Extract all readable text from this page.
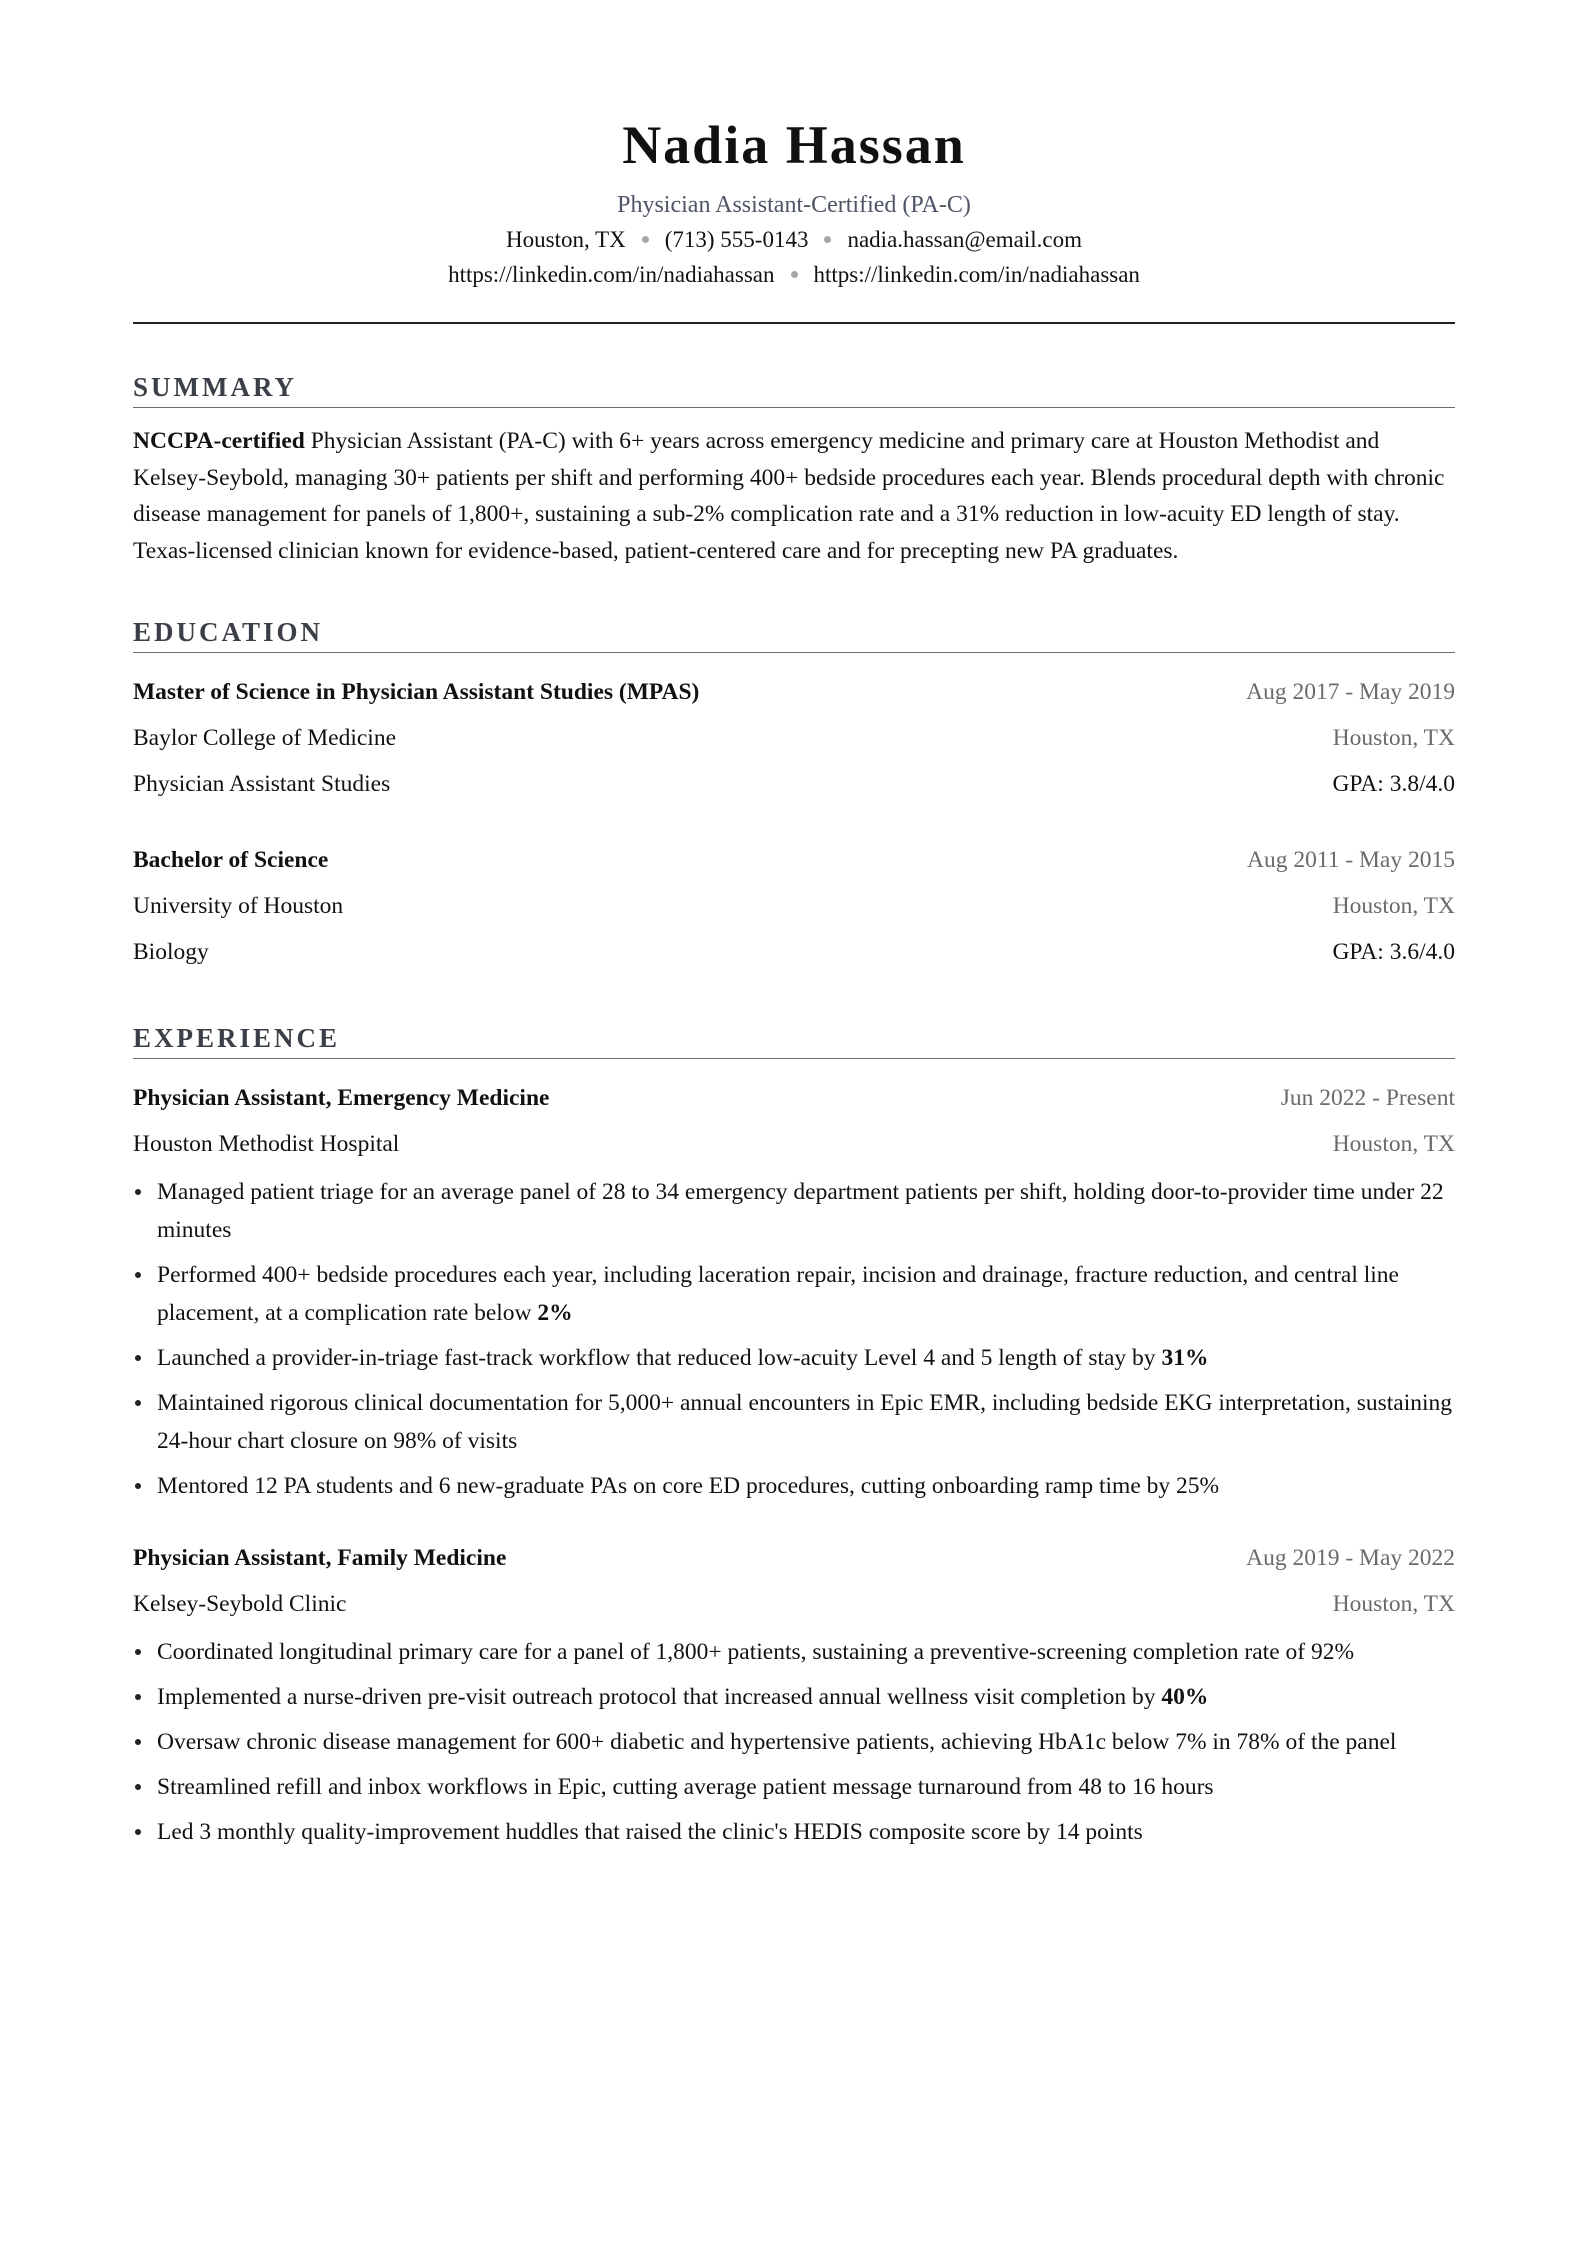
Nadia Hassan
Physician Assistant-Certified (PA-C)
Houston, TX (713) 555-0143 nadia.hassan@email.com
https://linkedin.com/in/nadiahassan https://linkedin.com/in/nadiahassan
SUMMARY
NCCPA-certified Physician Assistant (PA-C) with 6+ years across emergency medicine and primary care at Houston Methodist and Kelsey-Seybold, managing 30+ patients per shift and performing 400+ bedside procedures each year. Blends procedural depth with chronic disease management for panels of 1,800+, sustaining a sub-2% complication rate and a 31% reduction in low-acuity ED length of stay. Texas-licensed clinician known for evidence-based, patient-centered care and for precepting new PA graduates.
EDUCATION
Master of Science in Physician Assistant Studies (MPAS)	Aug 2017 - May 2019
Baylor College of Medicine	Houston, TX
Physician Assistant Studies	GPA: 3.8/4.0
Bachelor of Science	Aug 2011 - May 2015
University of Houston	Houston, TX
Biology	GPA: 3.6/4.0
EXPERIENCE
Physician Assistant, Emergency Medicine	Jun 2022 - Present
Houston Methodist Hospital	Houston, TX
Managed patient triage for an average panel of 28 to 34 emergency department patients per shift, holding door-to-provider time under 22 minutes
Performed 400+ bedside procedures each year, including laceration repair, incision and drainage, fracture reduction, and central line placement, at a complication rate below 2%
Launched a provider-in-triage fast-track workflow that reduced low-acuity Level 4 and 5 length of stay by 31%
Maintained rigorous clinical documentation for 5,000+ annual encounters in Epic EMR, including bedside EKG interpretation, sustaining 24-hour chart closure on 98% of visits
Mentored 12 PA students and 6 new-graduate PAs on core ED procedures, cutting onboarding ramp time by 25%
Physician Assistant, Family Medicine	Aug 2019 - May 2022
Kelsey-Seybold Clinic	Houston, TX
Coordinated longitudinal primary care for a panel of 1,800+ patients, sustaining a preventive-screening completion rate of 92%
Implemented a nurse-driven pre-visit outreach protocol that increased annual wellness visit completion by 40%
Oversaw chronic disease management for 600+ diabetic and hypertensive patients, achieving HbA1c below 7% in 78% of the panel
Streamlined refill and inbox workflows in Epic, cutting average patient message turnaround from 48 to 16 hours
Led 3 monthly quality-improvement huddles that raised the clinic's HEDIS composite score by 14 points
